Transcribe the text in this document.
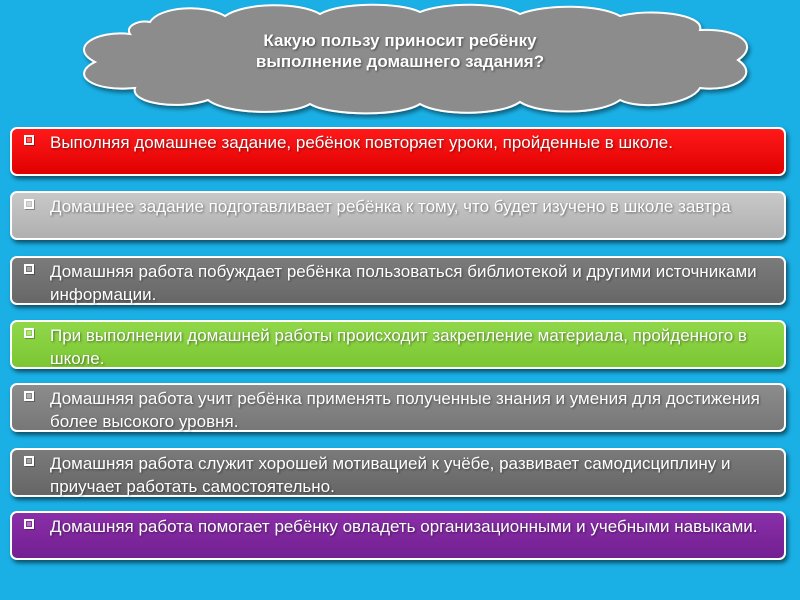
Какую пользу приносит ребёнку
выполнение домашнего задания?
Выполняя домашнее задание, ребёнок повторяет уроки, пройденные в школе.
Домашнее задание подготавливает ребёнка к тому, что будет изучено в школе завтра
Домашняя работа побуждает ребёнка пользоваться библиотекой и другими источниками информации.
При выполнении домашней работы происходит закрепление материала, пройденного в школе.
Домашняя работа учит ребёнка применять полученные знания и умения для достижения более высокого уровня.
Домашняя работа служит хорошей мотивацией к учёбе, развивает самодисциплину и приучает работать самостоятельно.
Домашняя работа помогает ребёнку овладеть организационными и учебными навыками.
